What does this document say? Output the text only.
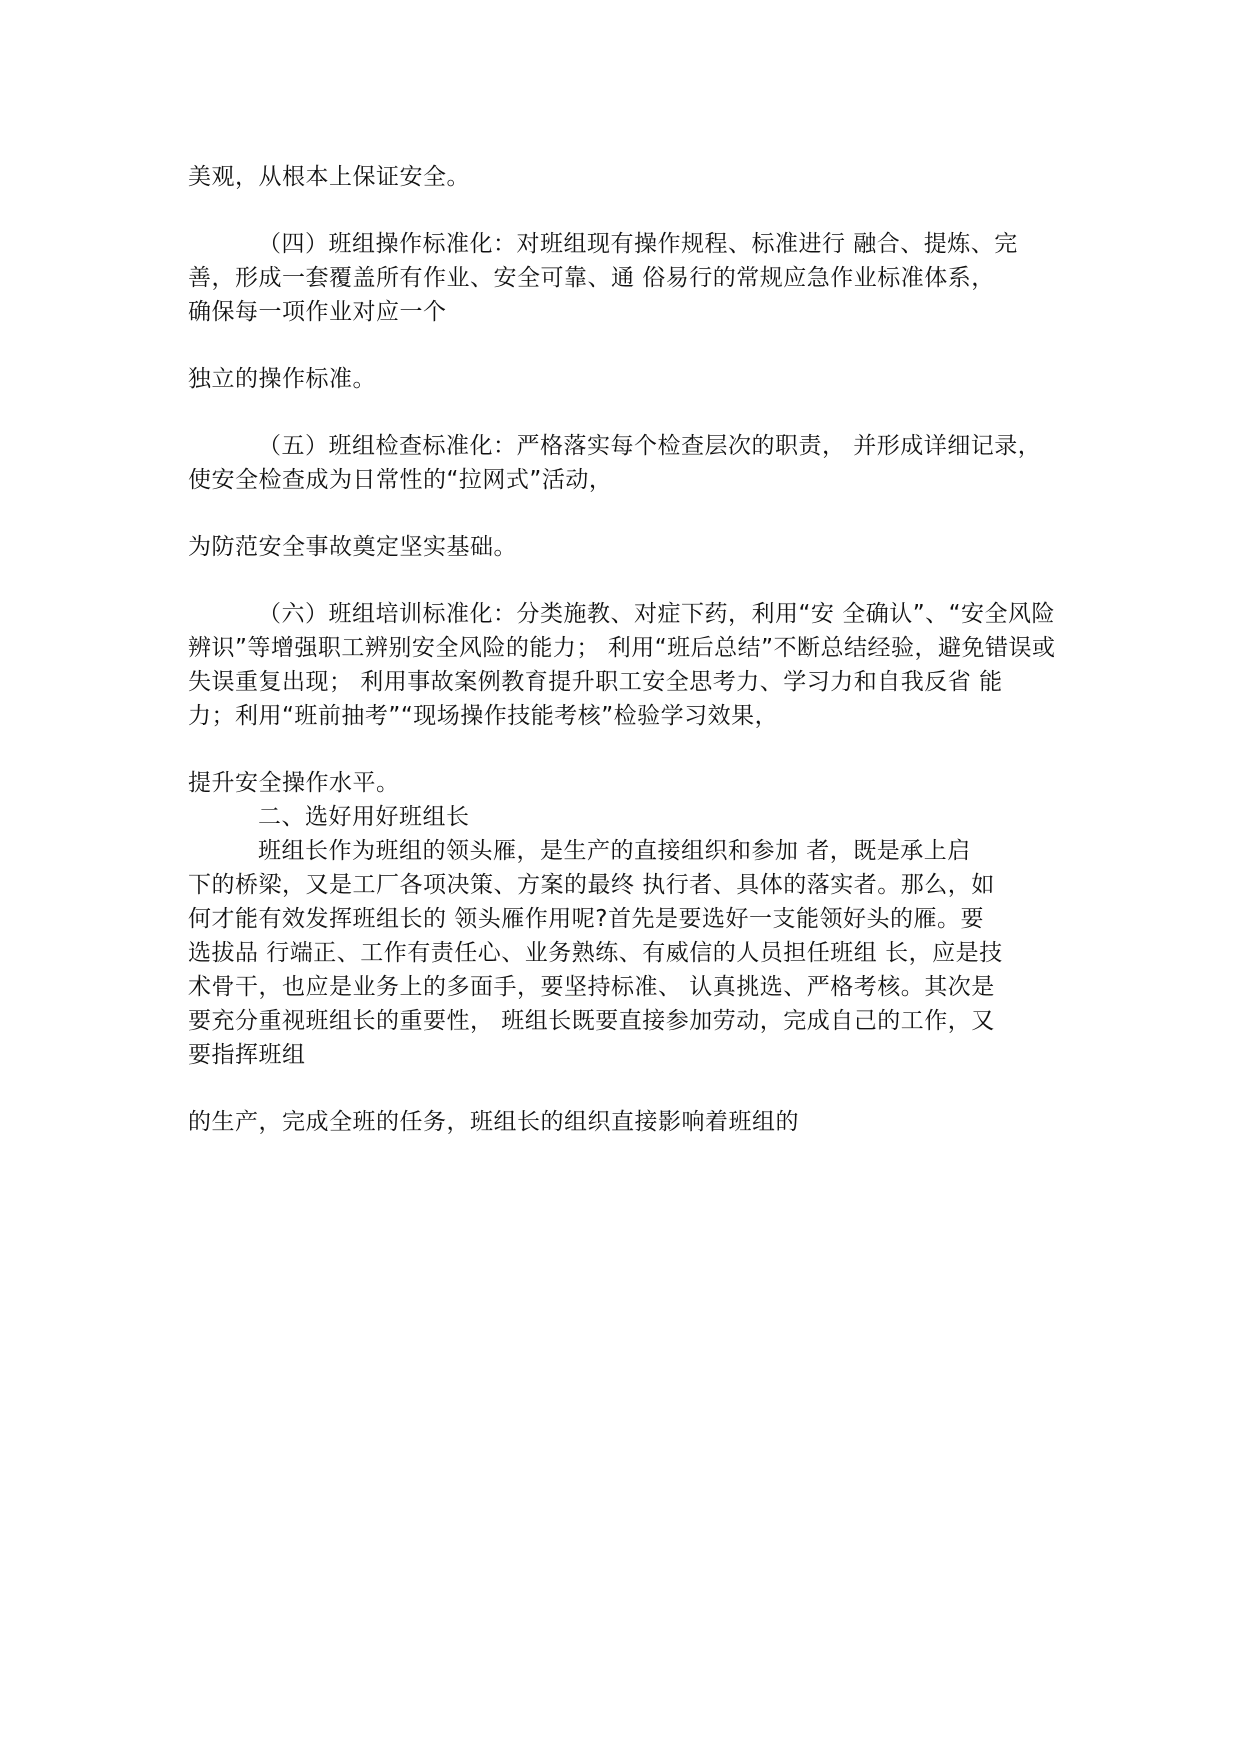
美观，从根本上保证安全。
（四）班组操作标准化：对班组现有操作规程、标准进行 融合、提炼、完
善，形成一套覆盖所有作业、安全可靠、通 俗易行的常规应急作业标准体系，
确保每一项作业对应一个
独立的操作标准。
（五）班组检查标准化：严格落实每个检查层次的职责， 并形成详细记录，
使安全检查成为日常性的“拉网式”活动，
为防范安全事故奠定坚实基础。
（六）班组培训标准化：分类施教、对症下药，利用“安 全确认”、“安全风险
辨识”等增强职工辨别安全风险的能力； 利用“班后总结”不断总结经验，避免错误或
失误重复出现； 利用事故案例教育提升职工安全思考力、学习力和自我反省 能
力；利用“班前抽考”“现场操作技能考核”检验学习效果，
提升安全操作水平。
二、选好用好班组长
班组长作为班组的领头雁，是生产的直接组织和参加 者，既是承上启
下的桥梁，又是工厂各项决策、方案的最终 执行者、具体的落实者。那么，如
何才能有效发挥班组长的 领头雁作用呢?首先是要选好一支能领好头的雁。要
选拔品 行端正、工作有责任心、业务熟练、有威信的人员担任班组 长，应是技
术骨干，也应是业务上的多面手，要坚持标准、 认真挑选、严格考核。其次是
要充分重视班组长的重要性， 班组长既要直接参加劳动，完成自己的工作，又
要指挥班组
的生产，完成全班的任务，班组长的组织直接影响着班组的
